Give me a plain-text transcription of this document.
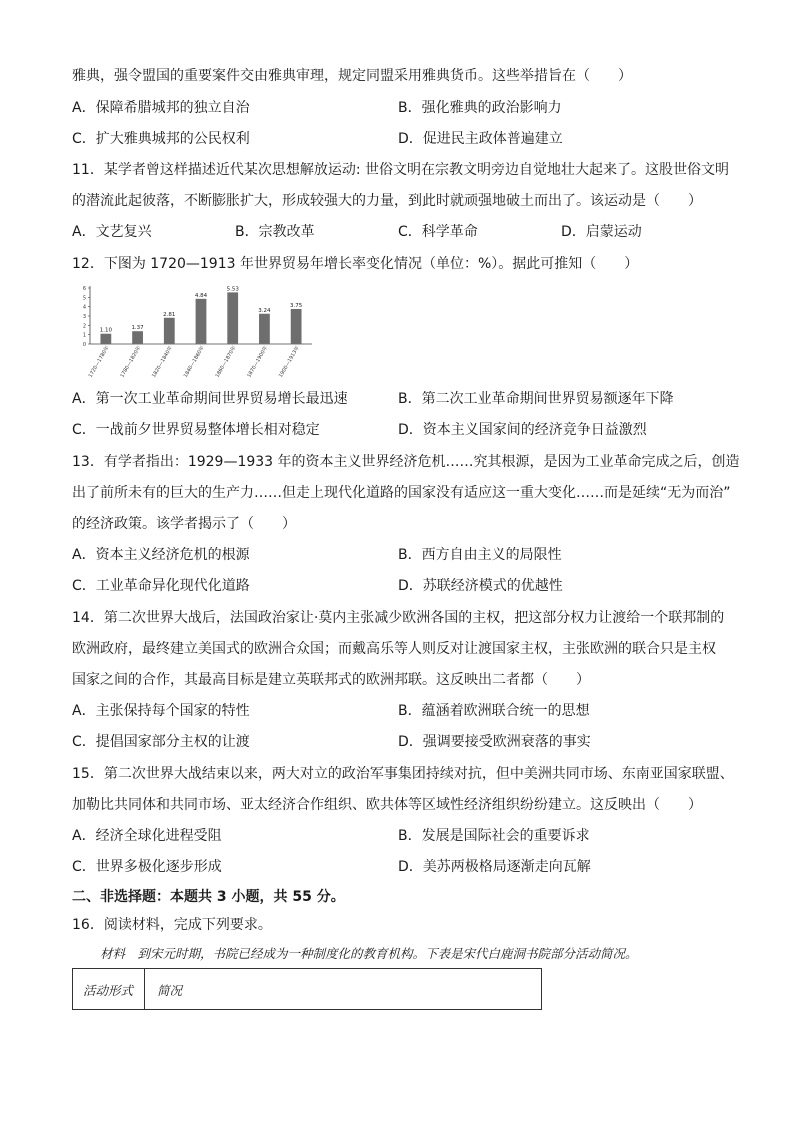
雅典，强令盟国的重要案件交由雅典审理，规定同盟采用雅典货币。这些举措旨在（　　）
A．保障希腊城邦的独立自治	B．强化雅典的政治影响力
C．扩大雅典城邦的公民权利	D．促进民主政体普遍建立
11．某学者曾这样描述近代某次思想解放运动: 世俗文明在宗教文明旁边自觉地壮大起来了。这股世俗文明
的潜流此起彼落，不断膨胀扩大，形成较强大的力量，到此时就顽强地破土而出了。该运动是（　　）
A．文艺复兴	B．宗教改革	C．科学革命	D．启蒙运动
12．下图为 1720—1913 年世界贸易年增长率变化情况（单位：%）。据此可推知（　　）
0
1
2
3
4
5
6
1.10
1720—1780年
1.37
1780—1820年
2.81
1820—1840年
4.84
1840—1860年
5.53
1860—1870年
3.24
1870—1900年
3.75
1900—1913年
A．第一次工业革命期间世界贸易增长最迅速	B．第二次工业革命期间世界贸易额逐年下降
C．一战前夕世界贸易整体增长相对稳定	D．资本主义国家间的经济竞争日益激烈
13．有学者指出：1929—1933 年的资本主义世界经济危机……究其根源，是因为工业革命完成之后，创造
出了前所未有的巨大的生产力……但走上现代化道路的国家没有适应这一重大变化……而是延续“无为而治”
的经济政策。该学者揭示了（　　）
A．资本主义经济危机的根源	B．西方自由主义的局限性
C．工业革命异化现代化道路	D．苏联经济模式的优越性
14．第二次世界大战后，法国政治家让·莫内主张减少欧洲各国的主权，把这部分权力让渡给一个联邦制的
欧洲政府，最终建立美国式的欧洲合众国；而戴高乐等人则反对让渡国家主权，主张欧洲的联合只是主权
国家之间的合作，其最高目标是建立英联邦式的欧洲邦联。这反映出二者都（　　）
A．主张保持每个国家的特性	B．蕴涵着欧洲联合统一的思想
C．提倡国家部分主权的让渡	D．强调要接受欧洲衰落的事实
15．第二次世界大战结束以来，两大对立的政治军事集团持续对抗，但中美洲共同市场、东南亚国家联盟、
加勒比共同体和共同市场、亚太经济合作组织、欧共体等区域性经济组织纷纷建立。这反映出（　　）
A．经济全球化进程受阻	B．发展是国际社会的重要诉求
C．世界多极化逐步形成	D．美苏两极格局逐渐走向瓦解
二、非选择题：本题共 3 小题，共 55 分。
16．阅读材料，完成下列要求。
材料　到宋元时期，书院已经成为一种制度化的教育机构。下表是宋代白鹿洞书院部分活动简况。
活动形式 简况
